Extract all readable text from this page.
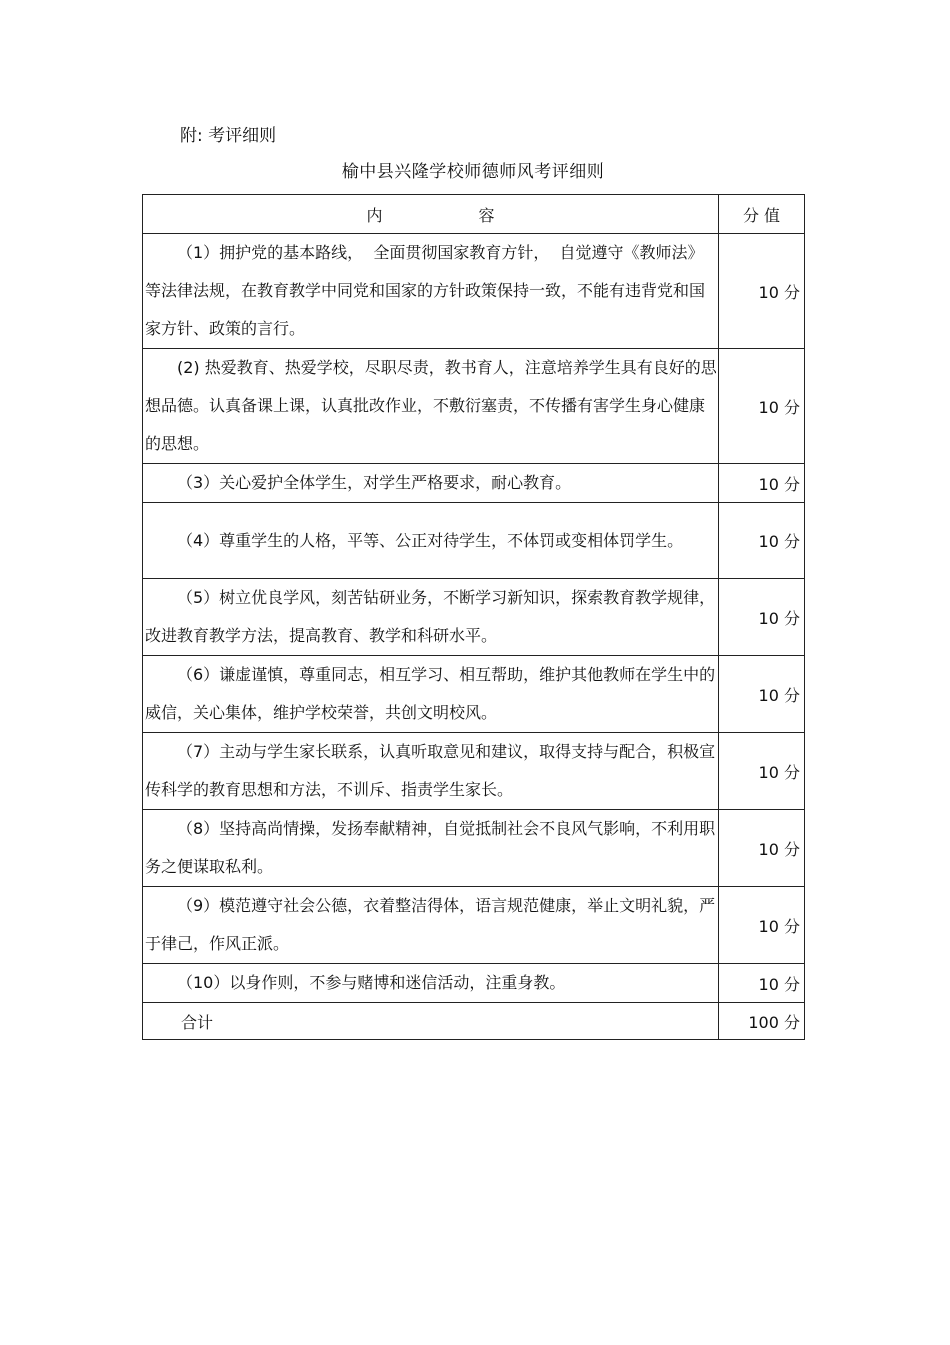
附: 考评细则
榆中县兴隆学校师德师风考评细则
内 容	分 值

（1）拥护党的基本路线，  全面贯彻国家教育方针，  自觉遵守《教师法》等法律法规，在教育教学中同党和国家的方针政策保持一致，不能有违背党和国家方针、政策的言行。	10 分

(2) 热爱教育、热爱学校，尽职尽责，教书育人，注意培养学生具有良好的思想品德。认真备课上课，认真批改作业，不敷衍塞责，不传播有害学生身心健康的思想。	10 分

（3）关心爱护全体学生，对学生严格要求，耐心教育。	10 分

（4）尊重学生的人格，平等、公正对待学生，不体罚或变相体罚学生。	10 分

（5）树立优良学风，刻苦钻研业务，不断学习新知识，探索教育教学规律，改进教育教学方法，提高教育、教学和科研水平。	10 分

（6）谦虚谨慎，尊重同志，相互学习、相互帮助，维护其他教师在学生中的威信，关心集体，维护学校荣誉，共创文明校风。	10 分

（7）主动与学生家长联系，认真听取意见和建议，取得支持与配合，积极宣传科学的教育思想和方法，不训斥、指责学生家长。	10 分

（8）坚持高尚情操，发扬奉献精神，自觉抵制社会不良风气影响，不利用职务之便谋取私利。	10 分

（9）模范遵守社会公德，衣着整洁得体，语言规范健康，举止文明礼貌，严于律己，作风正派。	10 分

（10）以身作则，不参与赌博和迷信活动，注重身教。	10 分
合计	100 分
